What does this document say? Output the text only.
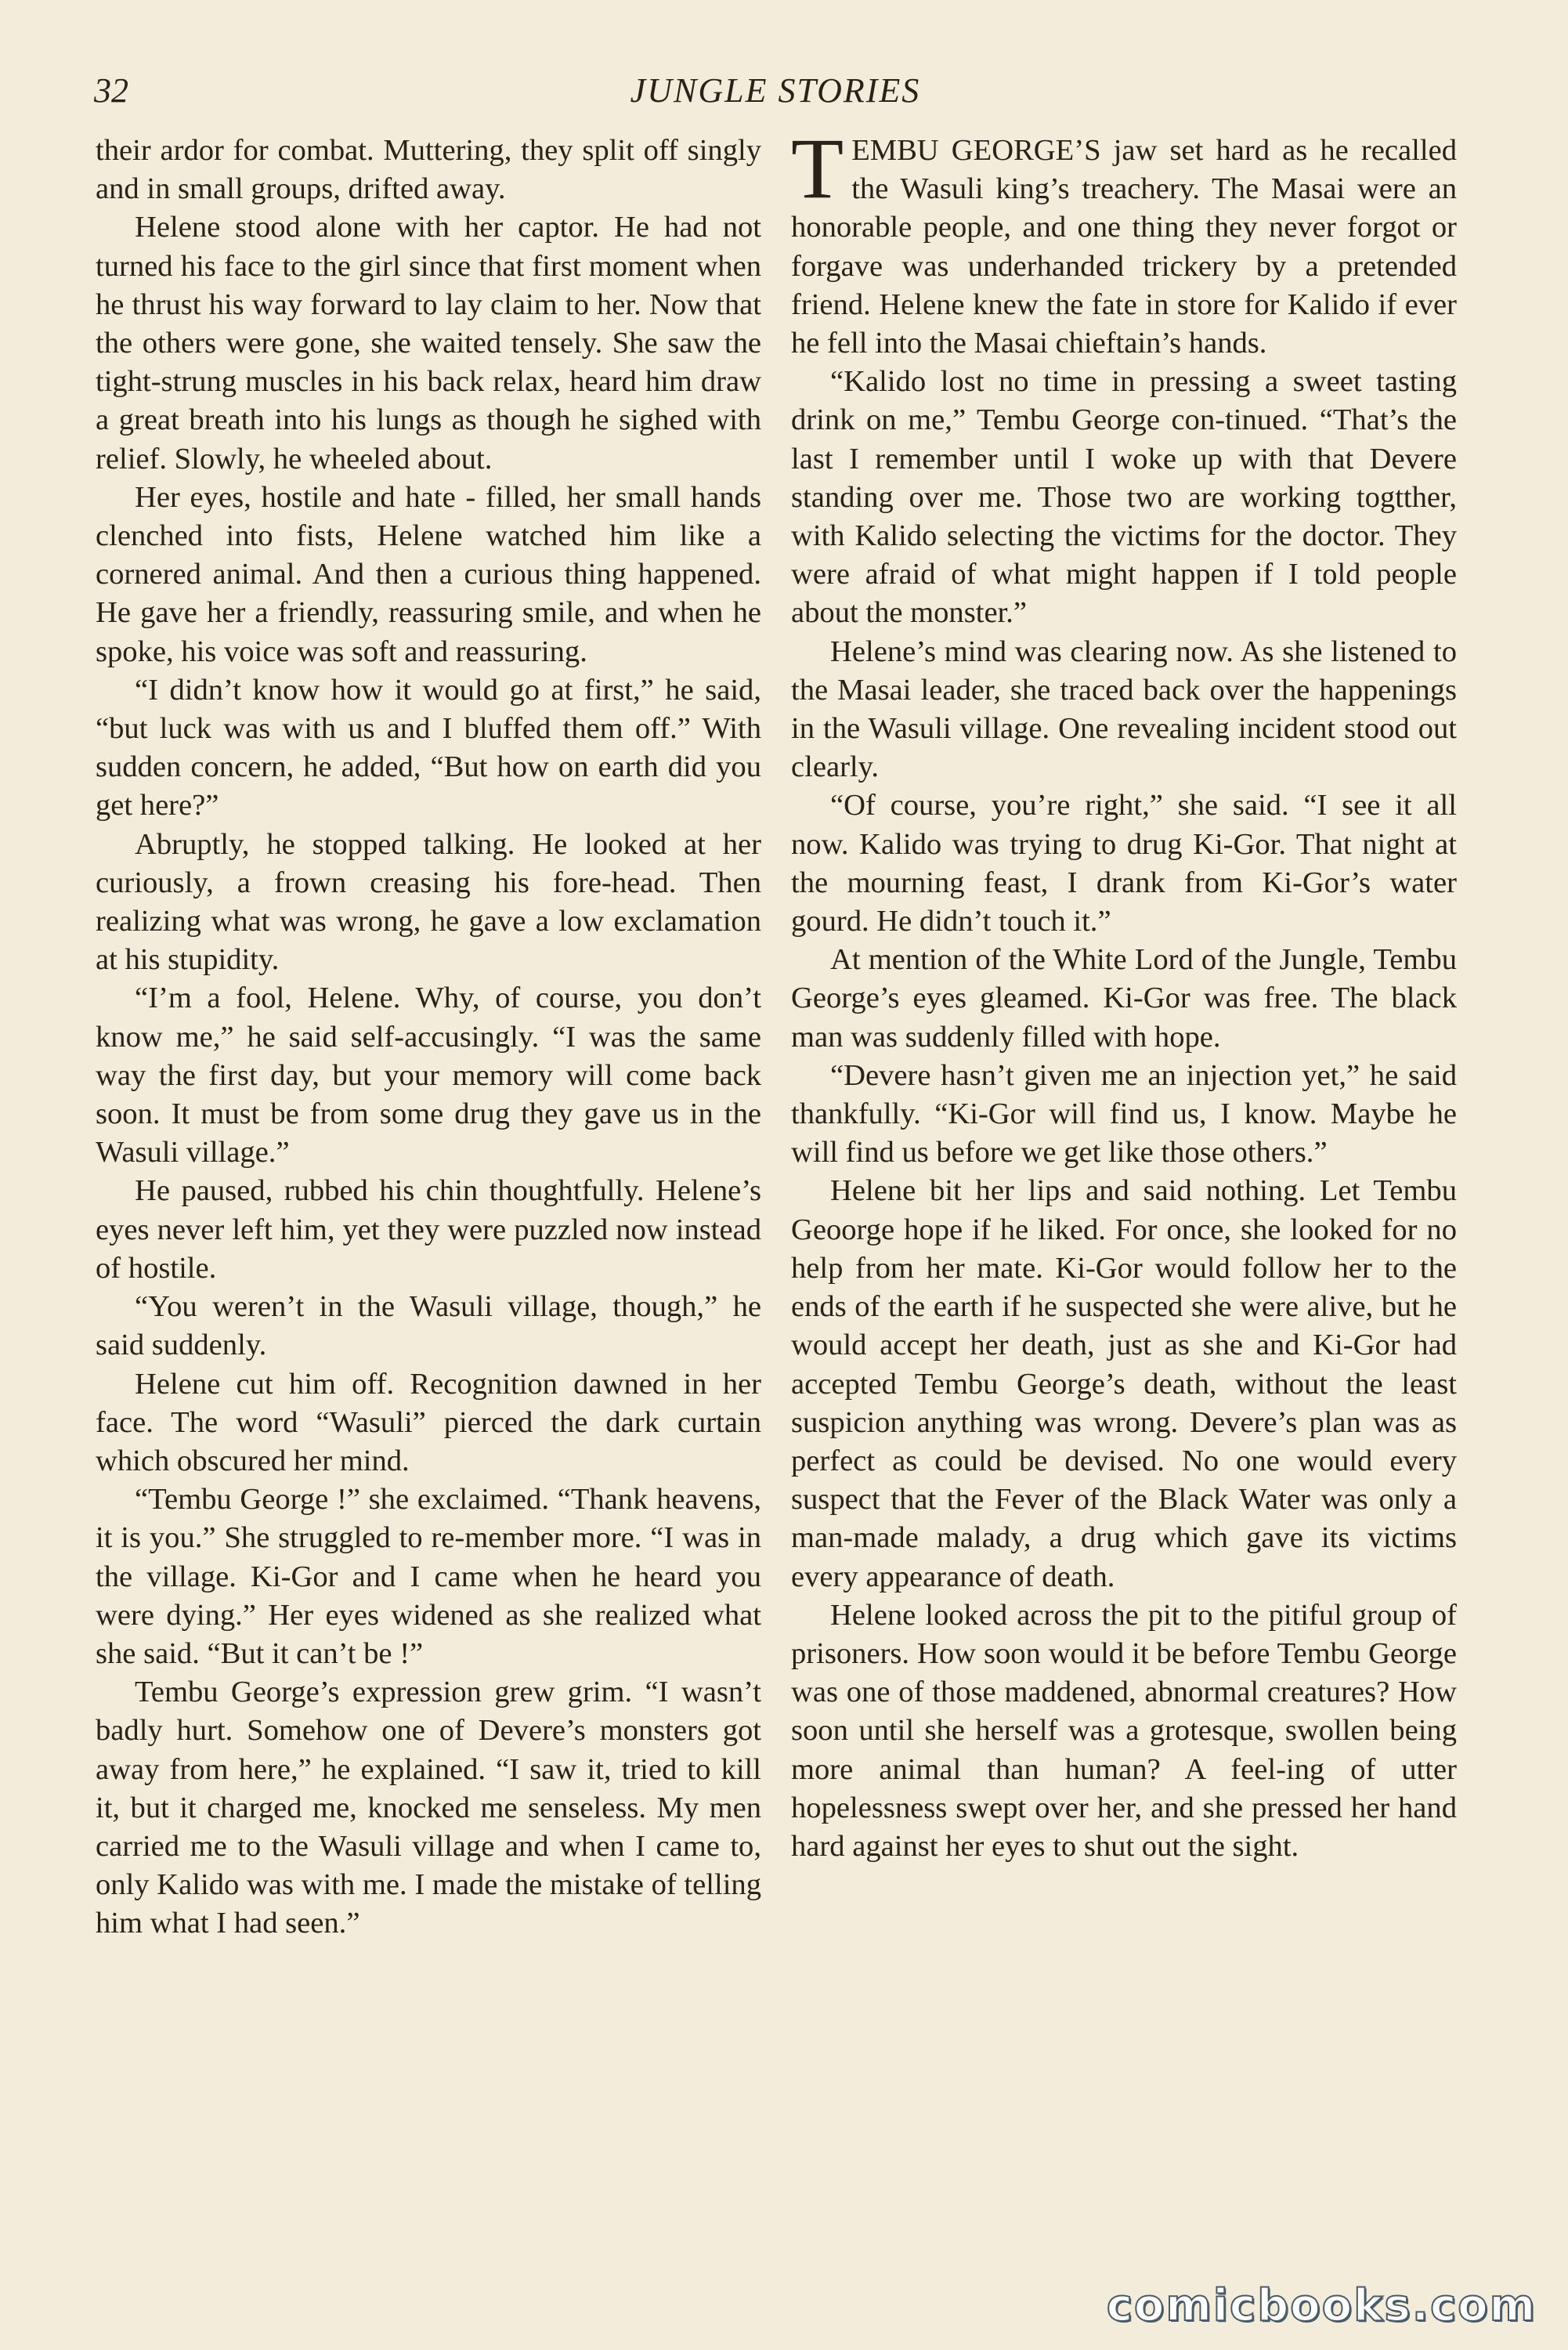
32	JUNGLE STORIES

their ardor for combat. Muttering, they split off singly and in small groups, drifted away.

Helene stood alone with her captor. He had not turned his face to the girl since that first moment when he thrust his way forward to lay claim to her. Now that the others were gone, she waited tensely. She saw the tight-strung muscles in his back relax, heard him draw a great breath into his lungs as though he sighed with relief. Slowly, he wheeled about.

Her eyes, hostile and hate - filled, her small hands clenched into fists, Helene watched him like a cornered animal. And then a curious thing happened. He gave her a friendly, reassuring smile, and when he spoke, his voice was soft and reassuring.

“I didn’t know how it would go at first,” he said, “but luck was with us and I bluffed them off.” With sudden concern, he added, “But how on earth did you get here?”

Abruptly, he stopped talking. He looked at her curiously, a frown creasing his fore-head. Then realizing what was wrong, he gave a low exclamation at his stupidity.

“I’m a fool, Helene. Why, of course, you don’t know me,” he said self-accusingly. “I was the same way the first day, but your memory will come back soon. It must be from some drug they gave us in the Wasuli village.”

He paused, rubbed his chin thoughtfully. Helene’s eyes never left him, yet they were puzzled now instead of hostile.

“You weren’t in the Wasuli village, though,” he said suddenly.

Helene cut him off. Recognition dawned in her face. The word “Wasuli” pierced the dark curtain which obscured her mind.

“Tembu George !” she exclaimed. “Thank heavens, it is you.” She struggled to re-member more. “I was in the village. Ki-Gor and I came when he heard you were dying.” Her eyes widened as she realized what she said. “But it can’t be !”

Tembu George’s expression grew grim. “I wasn’t badly hurt. Somehow one of Devere’s monsters got away from here,” he explained. “I saw it, tried to kill it, but it charged me, knocked me senseless. My men carried me to the Wasuli village and when I came to, only Kalido was with me. I made the mistake of telling him what I had seen.”

TEMBU GEORGE’S jaw set hard as he recalled the Wasuli king’s treachery. The Masai were an honorable people, and one thing they never forgot or forgave was underhanded trickery by a pretended friend. Helene knew the fate in store for Kalido if ever he fell into the Masai chieftain’s hands.

“Kalido lost no time in pressing a sweet tasting drink on me,” Tembu George con-tinued. “That’s the last I remember until I woke up with that Devere standing over me. Those two are working togtther, with Kalido selecting the victims for the doctor. They were afraid of what might happen if I told people about the monster.”

Helene’s mind was clearing now. As she listened to the Masai leader, she traced back over the happenings in the Wasuli village. One revealing incident stood out clearly.

“Of course, you’re right,” she said. “I see it all now. Kalido was trying to drug Ki-Gor. That night at the mourning feast, I drank from Ki-Gor’s water gourd. He didn’t touch it.”

At mention of the White Lord of the Jungle, Tembu George’s eyes gleamed. Ki-Gor was free. The black man was suddenly filled with hope.

“Devere hasn’t given me an injection yet,” he said thankfully. “Ki-Gor will find us, I know. Maybe he will find us before we get like those others.”

Helene bit her lips and said nothing. Let Tembu Geoorge hope if he liked. For once, she looked for no help from her mate. Ki-Gor would follow her to the ends of the earth if he suspected she were alive, but he would accept her death, just as she and Ki-Gor had accepted Tembu George’s death, without the least suspicion anything was wrong. Devere’s plan was as perfect as could be devised. No one would every suspect that the Fever of the Black Water was only a man-made malady, a drug which gave its victims every appearance of death.

Helene looked across the pit to the pitiful group of prisoners. How soon would it be before Tembu George was one of those maddened, abnormal creatures? How soon until she herself was a grotesque, swollen being more animal than human? A feel-ing of utter hopelessness swept over her, and she pressed her hand hard against her eyes to shut out the sight.

comicbooks.com
